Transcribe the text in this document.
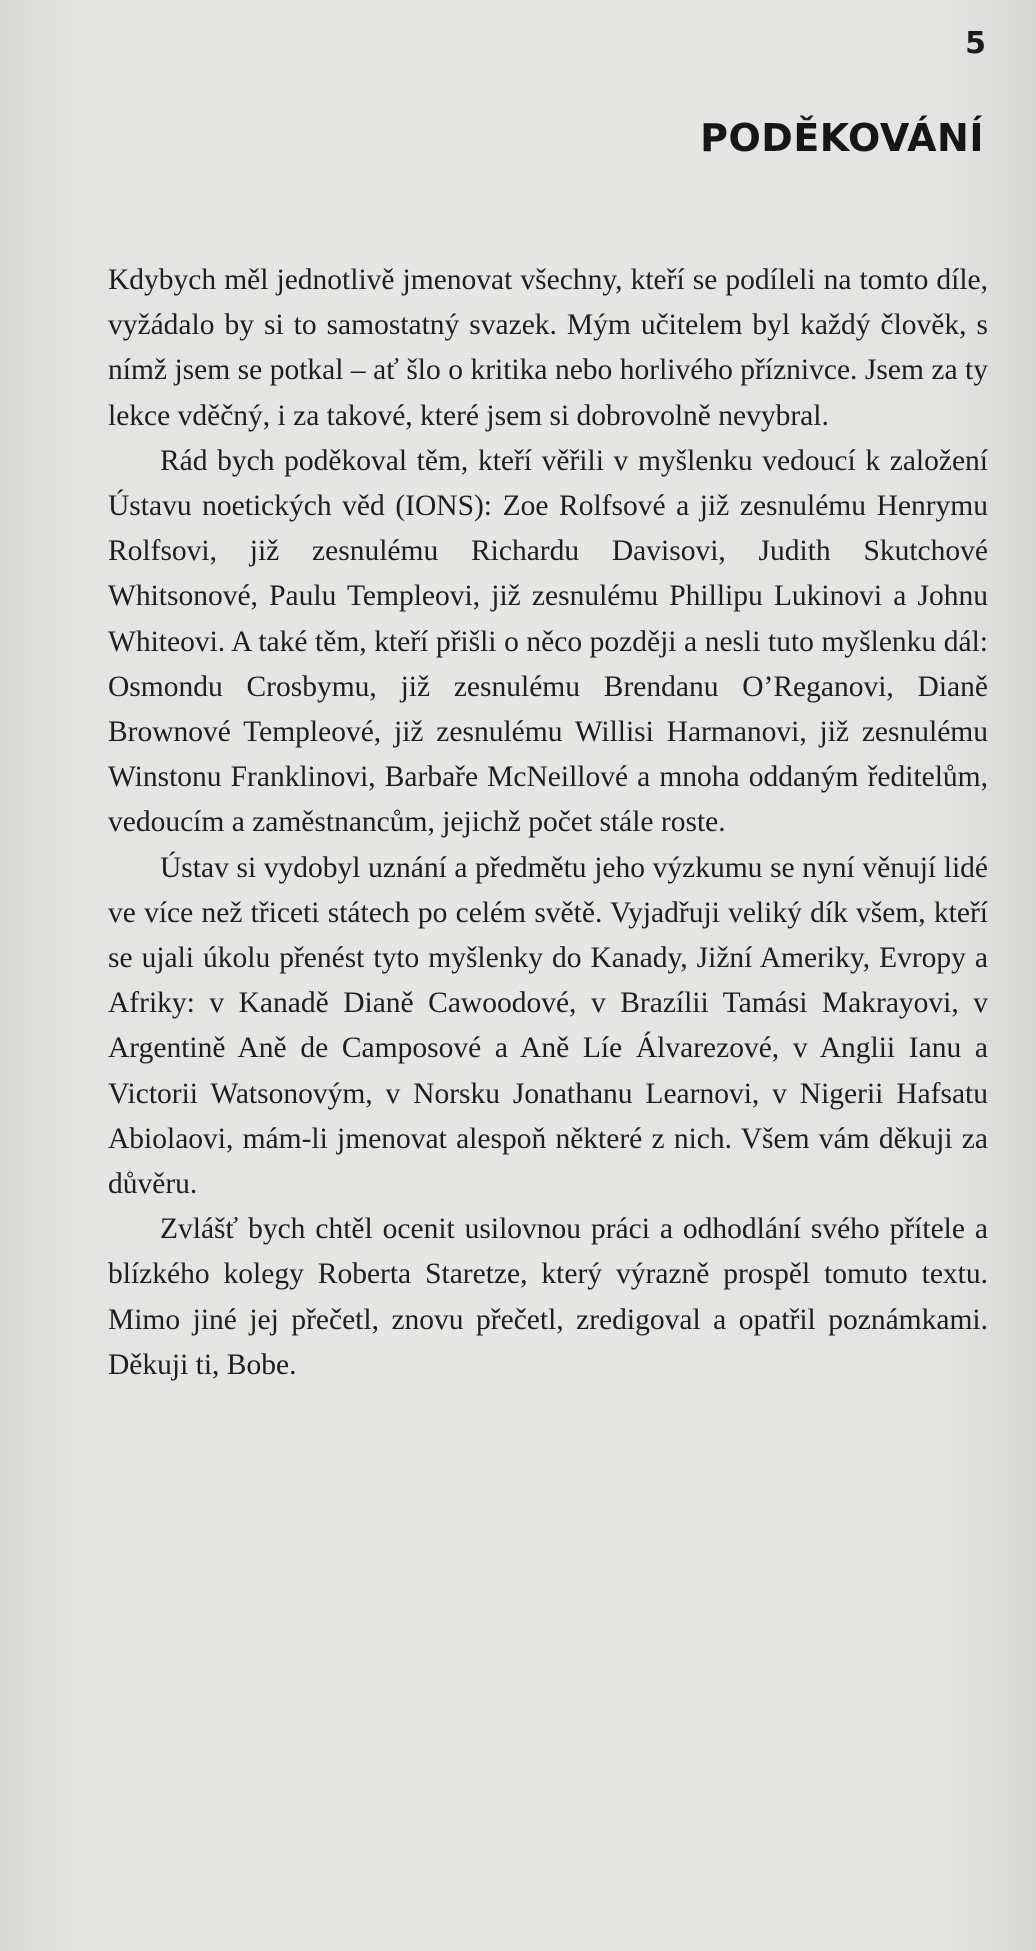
5
PODĚKOVÁNÍ

Kdybych měl jednotlivě jmenovat všechny, kteří se podíleli na tomto díle, vyžádalo by si to samostatný svazek. Mým učitelem byl každý člověk, s nímž jsem se potkal – ať šlo o kritika nebo horlivého příznivce. Jsem za ty lekce vděčný, i za takové, které jsem si dobrovolně nevybral.

Rád bych poděkoval těm, kteří věřili v myšlenku vedoucí k založení Ústavu noetických věd (IONS): Zoe Rolfsové a již zesnulému Henrymu Rolfsovi, již zesnulému Richardu Davisovi, Judith Skutchové Whitsonové, Paulu Templeovi, již zesnulému Phillipu Lukinovi a Johnu Whiteovi. A také těm, kteří přišli o něco později a nesli tuto myšlenku dál: Osmondu Crosbymu, již zesnulému Brendanu O’Reganovi, Dianě Brownové Templeové, již zesnulému Willisi Harmanovi, již zesnulému Winstonu Franklinovi, Barbaře McNeillové a mnoha oddaným ředitelům, vedoucím a zaměstnancům, jejichž počet stále roste.

Ústav si vydobyl uznání a předmětu jeho výzkumu se nyní věnují lidé ve více než třiceti státech po celém světě. Vyjadřuji veliký dík všem, kteří se ujali úkolu přenést tyto myšlenky do Kanady, Jižní Ameriky, Evropy a Afriky: v Kanadě Dianě Cawoodové, v Brazílii Tamási Makrayovi, v Argentině Aně de Camposové a Aně Líe Álvarezové, v Anglii Ianu a Victorii Watsonovým, v Norsku Jonathanu Learnovi, v Nigerii Hafsatu Abiolaovi, mám-li jmenovat alespoň některé z nich. Všem vám děkuji za důvěru.

Zvlášť bych chtěl ocenit usilovnou práci a odhodlání svého přítele a blízkého kolegy Roberta Staretze, který výrazně prospěl tomuto textu. Mimo jiné jej přečetl, znovu přečetl, zredigoval a opatřil poznámkami. Děkuji ti, Bobe.
